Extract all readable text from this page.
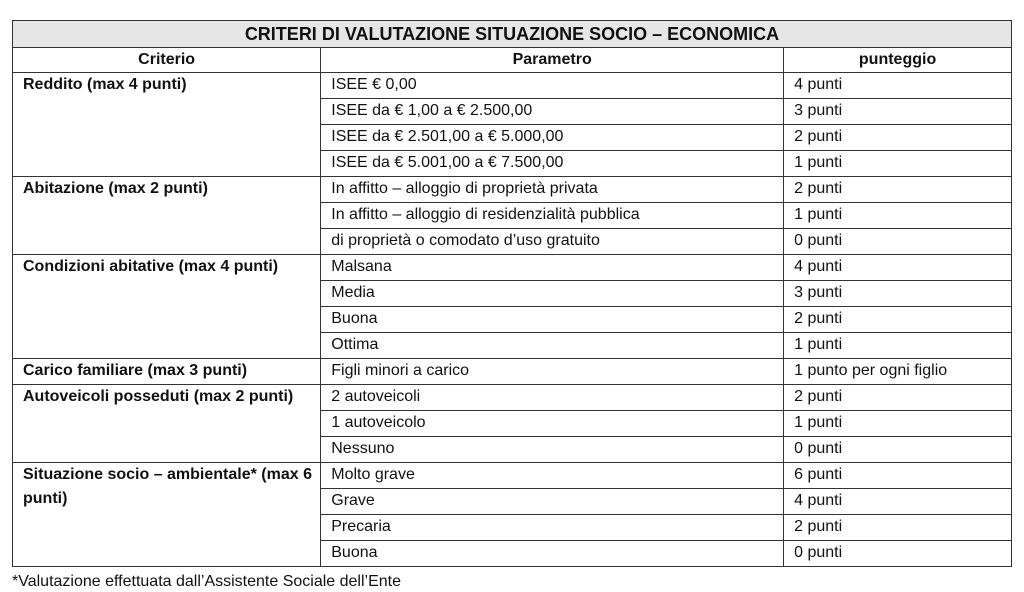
CRITERI DI VALUTAZIONE SITUAZIONE SOCIO – ECONOMICA		
Criterio	Parametro	punteggio
Reddito (max 4 punti)	ISEE € 0,00	4 punti
	ISEE da € 1,00 a € 2.500,00	3 punti
	ISEE da € 2.501,00 a € 5.000,00	2 punti
	ISEE da € 5.001,00 a € 7.500,00	1 punti
Abitazione (max 2 punti)	In affitto – alloggio di proprietà privata	2 punti
	In affitto – alloggio di residenzialità pubblica	1 punti
	di proprietà o comodato d’uso gratuito	0 punti
Condizioni abitative (max 4 punti)	Malsana	4 punti
	Media	3 punti
	Buona	2 punti
	Ottima	1 punti
Carico familiare (max 3 punti)	Figli minori a carico	1 punto per ogni figlio
Autoveicoli posseduti (max 2 punti)	2 autoveicoli	2 punti
	1 autoveicolo	1 punti
	Nessuno	0 punti
Situazione socio – ambientale* (max 6 punti)	Molto grave	6 punti
	Grave	4 punti
	Precaria	2 punti
	Buona	0 punti
*Valutazione effettuata dall’Assistente Sociale dell’Ente
